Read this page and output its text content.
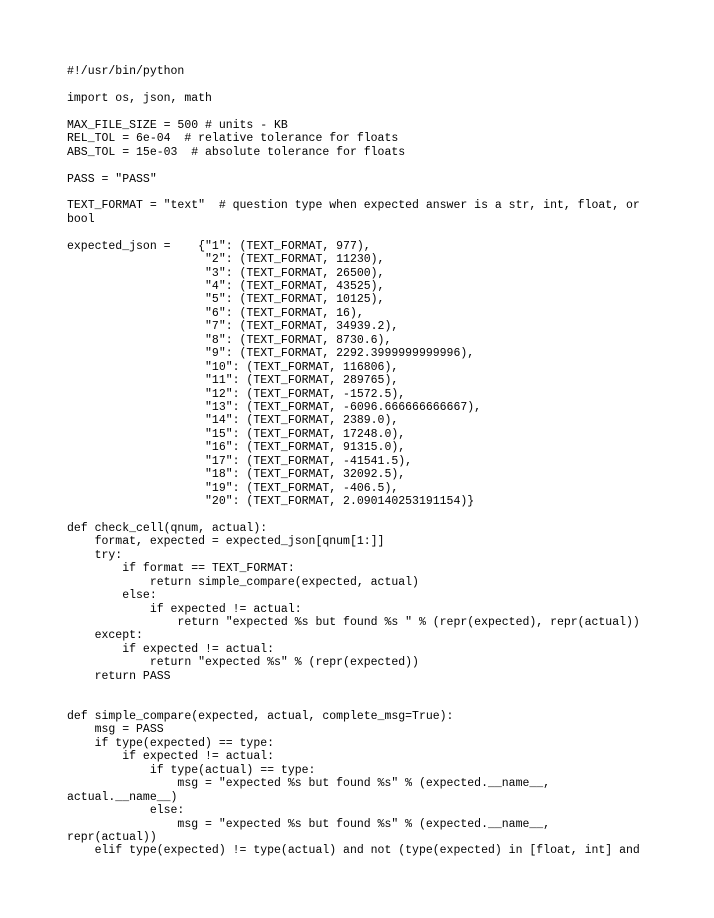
#!/usr/bin/python
import os, json, math
MAX_FILE_SIZE = 500 # units - KB
REL_TOL = 6e-04  # relative tolerance for floats
ABS_TOL = 15e-03  # absolute tolerance for floats
PASS = "PASS"
TEXT_FORMAT = "text"  # question type when expected answer is a str, int, float, or
bool
expected_json =    {"1": (TEXT_FORMAT, 977),
"2": (TEXT_FORMAT, 11230),
"3": (TEXT_FORMAT, 26500),
"4": (TEXT_FORMAT, 43525),
"5": (TEXT_FORMAT, 10125),
"6": (TEXT_FORMAT, 16),
"7": (TEXT_FORMAT, 34939.2),
"8": (TEXT_FORMAT, 8730.6),
"9": (TEXT_FORMAT, 2292.3999999999996),
"10": (TEXT_FORMAT, 116806),
"11": (TEXT_FORMAT, 289765),
"12": (TEXT_FORMAT, -1572.5),
"13": (TEXT_FORMAT, -6096.666666666667),
"14": (TEXT_FORMAT, 2389.0),
"15": (TEXT_FORMAT, 17248.0),
"16": (TEXT_FORMAT, 91315.0),
"17": (TEXT_FORMAT, -41541.5),
"18": (TEXT_FORMAT, 32092.5),
"19": (TEXT_FORMAT, -406.5),
"20": (TEXT_FORMAT, 2.090140253191154)}
def check_cell(qnum, actual):
format, expected = expected_json[qnum[1:]]
try:
if format == TEXT_FORMAT:
return simple_compare(expected, actual)
else:
if expected != actual:
return "expected %s but found %s " % (repr(expected), repr(actual))
except:
if expected != actual:
return "expected %s" % (repr(expected))
return PASS
def simple_compare(expected, actual, complete_msg=True):
msg = PASS
if type(expected) == type:
if expected != actual:
if type(actual) == type:
msg = "expected %s but found %s" % (expected.__name__,
actual.__name__)
else:
msg = "expected %s but found %s" % (expected.__name__,
repr(actual))
elif type(expected) != type(actual) and not (type(expected) in [float, int] and
